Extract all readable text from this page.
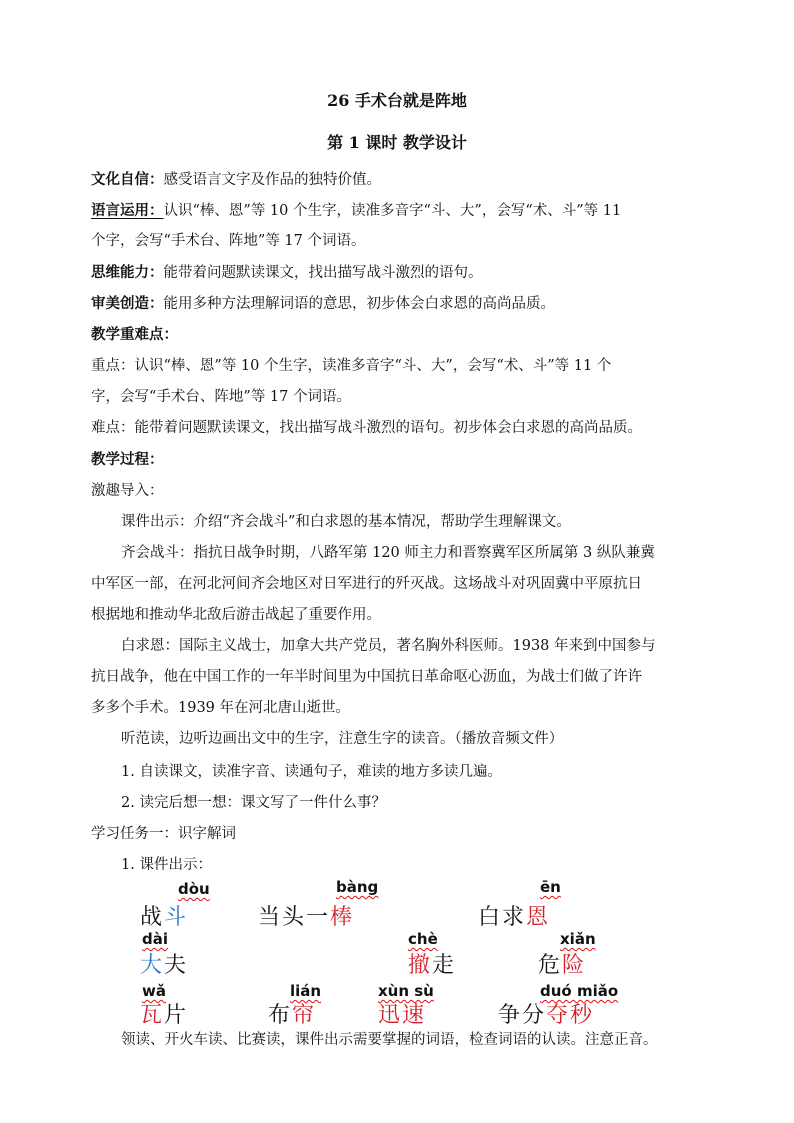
26 手术台就是阵地
第 1 课时 教学设计
文化自信：感受语言文字及作品的独特价值。
语言运用：认识“棒、恩”等 10 个生字，读准多音字“斗、大”，会写“术、斗”等 11
个字，会写“手术台、阵地”等 17 个词语。
思维能力：能带着问题默读课文，找出描写战斗激烈的语句。
审美创造：能用多种方法理解词语的意思，初步体会白求恩的高尚品质。
教学重难点：
重点：认识“棒、恩”等 10 个生字，读准多音字“斗、大”，会写“术、斗”等 11 个
字，会写“手术台、阵地”等 17 个词语。
难点：能带着问题默读课文，找出描写战斗激烈的语句。初步体会白求恩的高尚品质。
教学过程：
激趣导入：
课件出示：介绍“齐会战斗”和白求恩的基本情况，帮助学生理解课文。
齐会战斗：指抗日战争时期，八路军第 120 师主力和晋察冀军区所属第 3 纵队兼冀
中军区一部，在河北河间齐会地区对日军进行的歼灭战。这场战斗对巩固冀中平原抗日
根据地和推动华北敌后游击战起了重要作用。
白求恩：国际主义战士，加拿大共产党员，著名胸外科医师。1938 年来到中国参与
抗日战争，他在中国工作的一年半时间里为中国抗日革命呕心沥血，为战士们做了许许
多多个手术。1939 年在河北唐山逝世。
听范读，边听边画出文中的生字，注意生字的读音。（播放音频文件）
1. 自读课文，读准字音、读通句子，难读的地方多读几遍。
2. 读完后想一想：课文写了一件什么事？
学习任务一：识字解词
1. 课件出示：
dòu
战斗
bàng
当头一棒
ēn
白求恩
dài
大夫
chè
撤走
xiǎn
危险
wǎ
瓦片
lián
布帘
xùn sù
迅速
duó miǎo
争分夺秒
领读、开火车读、比赛读，课件出示需要掌握的词语，检查词语的认读。注意正音。
